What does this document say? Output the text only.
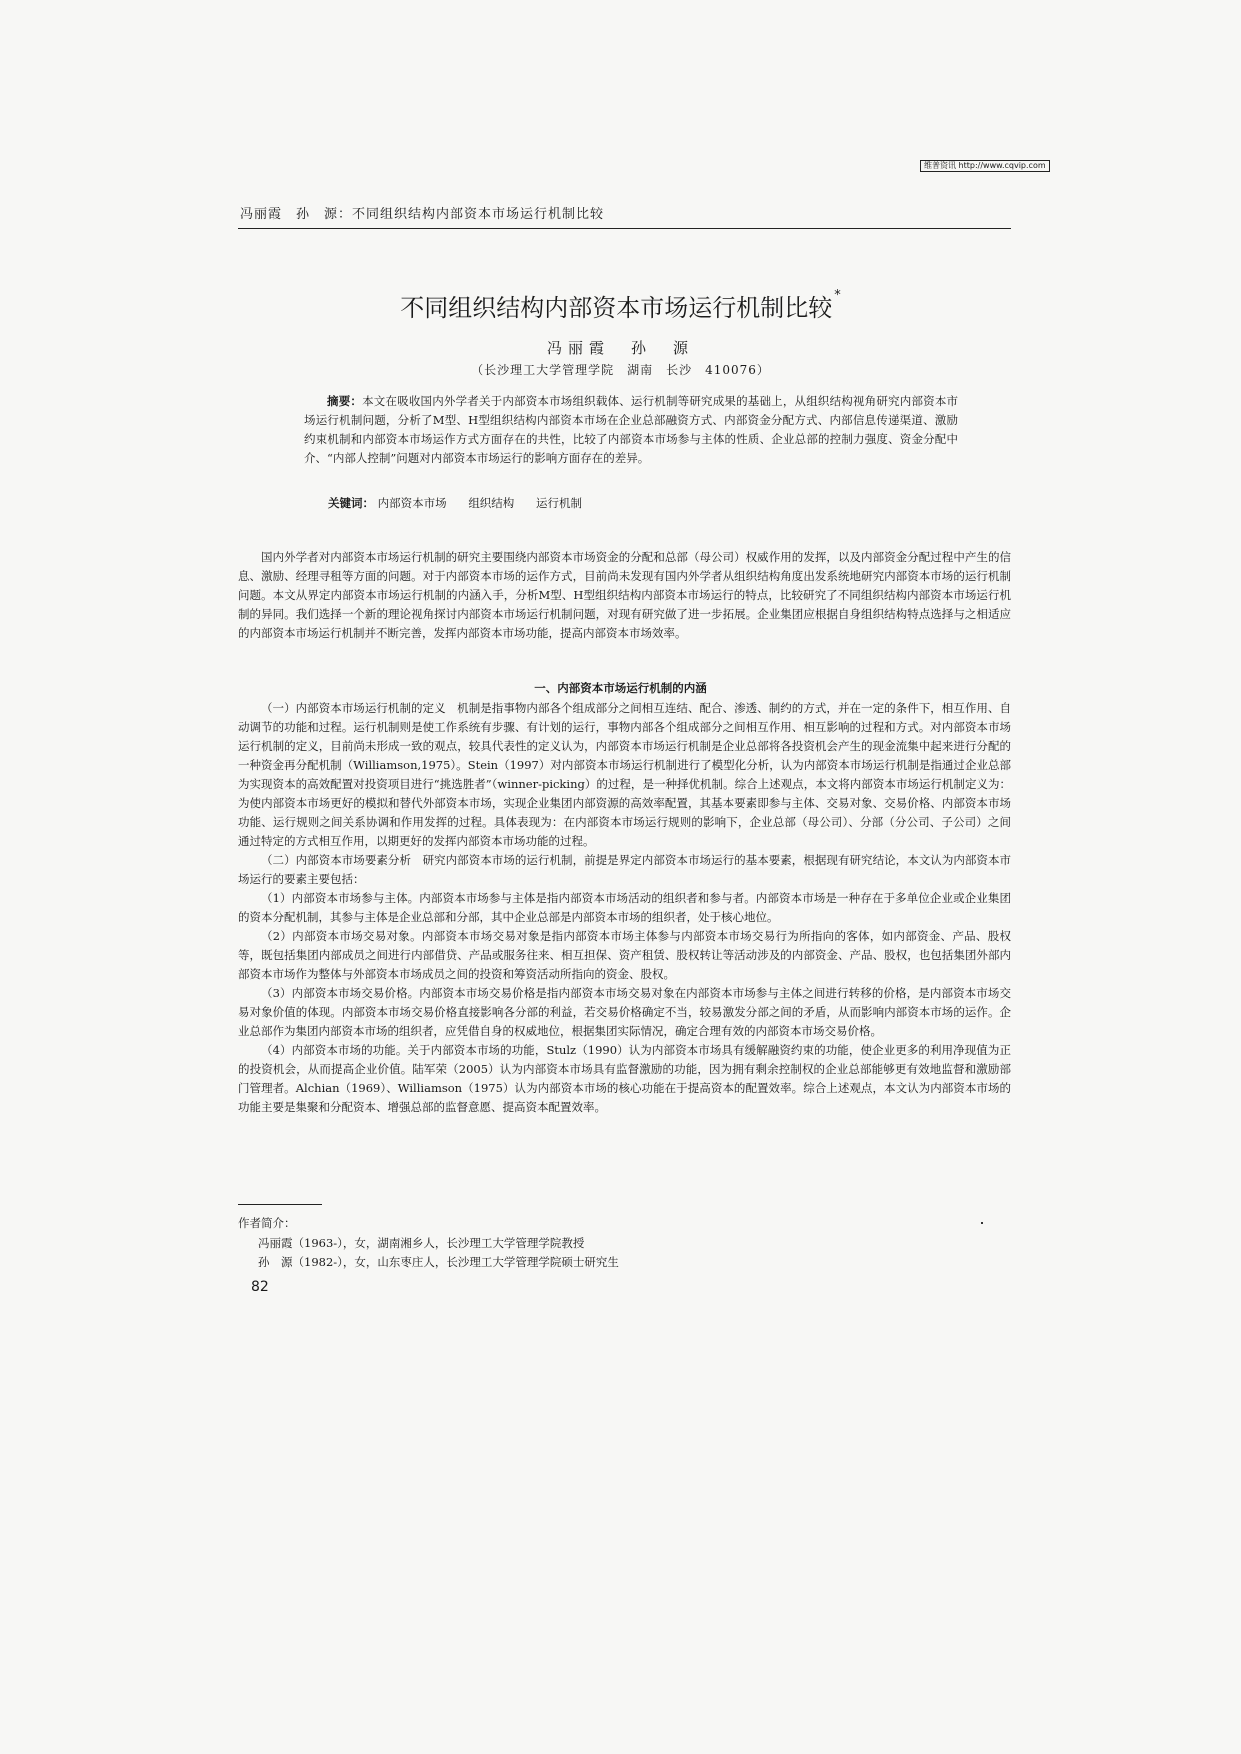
维普资讯 http://www.cqvip.com
冯丽霞　孙　源：不同组织结构内部资本市场运行机制比较
不同组织结构内部资本市场运行机制比较 *
冯丽霞　孙　源
（长沙理工大学管理学院　湖南　长沙　410076）

摘要：本文在吸收国内外学者关于内部资本市场组织载体、运行机制等研究成果的基础上，从组织结构视角研究内部资本市场运行机制问题，分析了M型、H型组织结构内部资本市场在企业总部融资方式、内部资金分配方式、内部信息传递渠道、激励约束机制和内部资本市场运作方式方面存在的共性，比较了内部资本市场参与主体的性质、企业总部的控制力强度、资金分配中介、“内部人控制”问题对内部资本市场运行的影响方面存在的差异。

关键词： 内部资本市场 组织结构 运行机制

国内外学者对内部资本市场运行机制的研究主要围绕内部资本市场资金的分配和总部（母公司）权威作用的发挥，以及内部资金分配过程中产生的信息、激励、经理寻租等方面的问题。对于内部资本市场的运作方式，目前尚未发现有国内外学者从组织结构角度出发系统地研究内部资本市场的运行机制问题。本文从界定内部资本市场运行机制的内涵入手，分析M型、H型组织结构内部资本市场运行的特点，比较研究了不同组织结构内部资本市场运行机制的异同。我们选择一个新的理论视角探讨内部资本市场运行机制问题，对现有研究做了进一步拓展。企业集团应根据自身组织结构特点选择与之相适应的内部资本市场运行机制并不断完善，发挥内部资本市场功能，提高内部资本市场效率。

一、内部资本市场运行机制的内涵

（一）内部资本市场运行机制的定义　 机制是指事物内部各个组成部分之间相互连结、配合、渗透、制约的方式，并在一定的条件下，相互作用、自动调节的功能和过程。运行机制则是使工作系统有步骤、有计划的运行，事物内部各个组成部分之间相互作用、相互影响的过程和方式。对内部资本市场运行机制的定义，目前尚未形成一致的观点，较具代表性的定义认为，内部资本市场运行机制是企业总部将各投资机会产生的现金流集中起来进行分配的一种资金再分配机制（Williamson,1975）。Stein（1997）对内部资本市场运行机制进行了模型化分析，认为内部资本市场运行机制是指通过企业总部为实现资本的高效配置对投资项目进行“挑选胜者”（winner-picking）的过程，是一种择优机制。综合上述观点，本文将内部资本市场运行机制定义为：为使内部资本市场更好的模拟和替代外部资本市场，实现企业集团内部资源的高效率配置，其基本要素即参与主体、交易对象、交易价格、内部资本市场功能、运行规则之间关系协调和作用发挥的过程。具体表现为：在内部资本市场运行规则的影响下，企业总部（母公司）、分部（分公司、子公司）之间通过特定的方式相互作用，以期更好的发挥内部资本市场功能的过程。

（二）内部资本市场要素分析　 研究内部资本市场的运行机制，前提是界定内部资本市场运行的基本要素，根据现有研究结论，本文认为内部资本市场运行的要素主要包括：

（1）内部资本市场参与主体。内部资本市场参与主体是指内部资本市场活动的组织者和参与者。内部资本市场是一种存在于多单位企业或企业集团的资本分配机制，其参与主体是企业总部和分部，其中企业总部是内部资本市场的组织者，处于核心地位。

（2）内部资本市场交易对象。内部资本市场交易对象是指内部资本市场主体参与内部资本市场交易行为所指向的客体，如内部资金、产品、股权等，既包括集团内部成员之间进行内部借贷、产品或服务往来、相互担保、资产租赁、股权转让等活动涉及的内部资金、产品、股权，也包括集团外部内部资本市场作为整体与外部资本市场成员之间的投资和筹资活动所指向的资金、股权。

（3）内部资本市场交易价格。内部资本市场交易价格是指内部资本市场交易对象在内部资本市场参与主体之间进行转移的价格，是内部资本市场交易对象价值的体现。内部资本市场交易价格直接影响各分部的利益，若交易价格确定不当，较易激发分部之间的矛盾，从而影响内部资本市场的运作。企业总部作为集团内部资本市场的组织者，应凭借自身的权威地位，根据集团实际情况，确定合理有效的内部资本市场交易价格。

（4）内部资本市场的功能。关于内部资本市场的功能，Stulz（1990）认为内部资本市场具有缓解融资约束的功能，使企业更多的利用净现值为正的投资机会，从而提高企业价值。陆军荣（2005）认为内部资本市场具有监督激励的功能，因为拥有剩余控制权的企业总部能够更有效地监督和激励部门管理者。Alchian（1969）、Williamson（1975）认为内部资本市场的核心功能在于提高资本的配置效率。综合上述观点，本文认为内部资本市场的功能主要是集聚和分配资本、增强总部的监督意愿、提高资本配置效率。

作者简介：
冯丽霞（1963-），女，湖南湘乡人，长沙理工大学管理学院教授
孙　源（1982-），女，山东枣庄人，长沙理工大学管理学院硕士研究生
82
